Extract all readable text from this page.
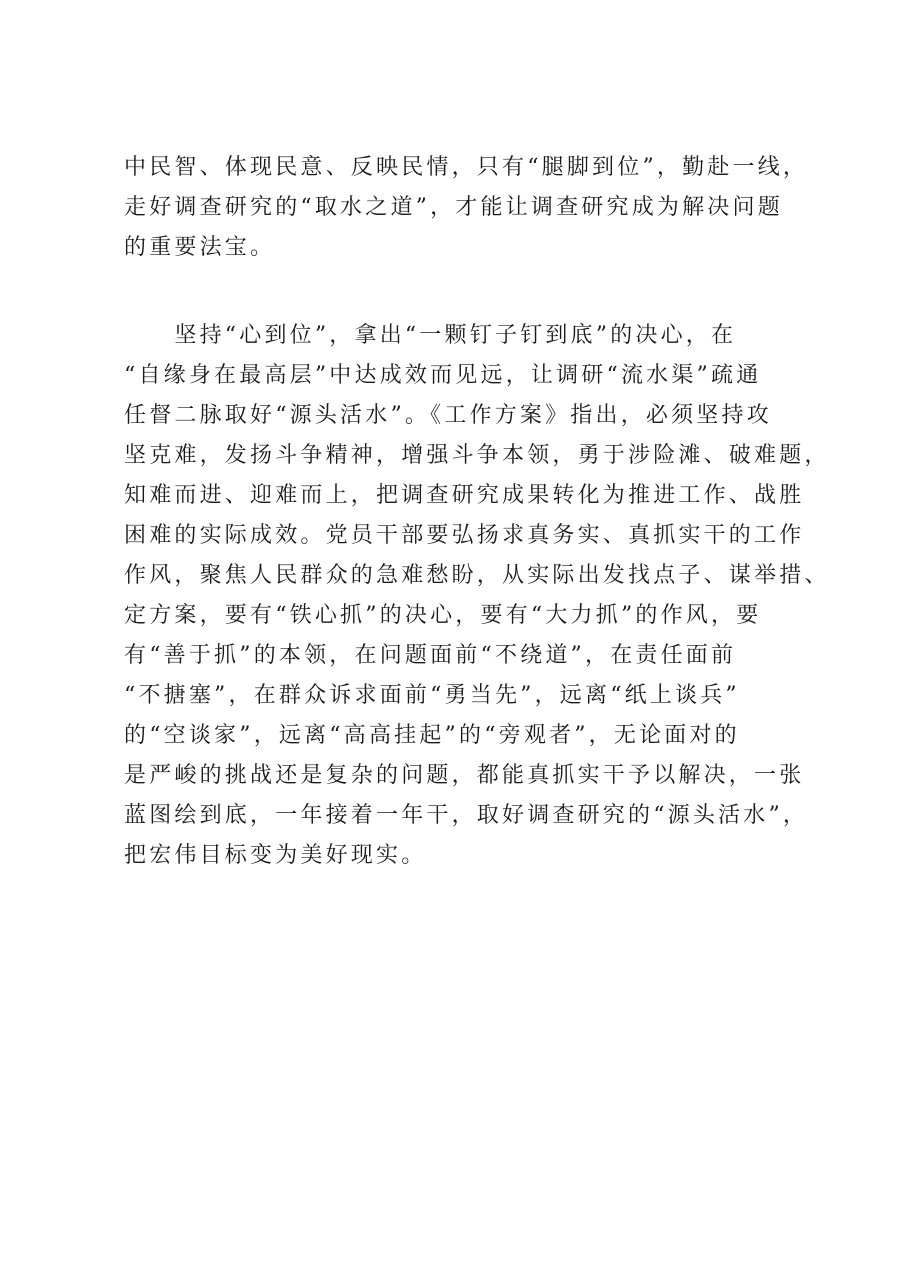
中民智、体现民意、反映民情，只有“腿脚到位”，勤赴一线，
走好调查研究的“取水之道”，才能让调查研究成为解决问题
的重要法宝。
　　坚持“心到位”，拿出“一颗钉子钉到底”的决心，在
“自缘身在最高层”中达成效而见远，让调研“流水渠”疏通
任督二脉取好“源头活水”。《工作方案》指出，必须坚持攻
坚克难，发扬斗争精神，增强斗争本领，勇于涉险滩、破难题，
知难而进、迎难而上，把调查研究成果转化为推进工作、战胜
困难的实际成效。党员干部要弘扬求真务实、真抓实干的工作
作风，聚焦人民群众的急难愁盼，从实际出发找点子、谋举措、
定方案，要有“铁心抓”的决心，要有“大力抓”的作风，要
有“善于抓”的本领，在问题面前“不绕道”，在责任面前
“不搪塞”，在群众诉求面前“勇当先”，远离“纸上谈兵”
的“空谈家”，远离“高高挂起”的“旁观者”，无论面对的
是严峻的挑战还是复杂的问题，都能真抓实干予以解决，一张
蓝图绘到底，一年接着一年干，取好调查研究的“源头活水”，
把宏伟目标变为美好现实。
